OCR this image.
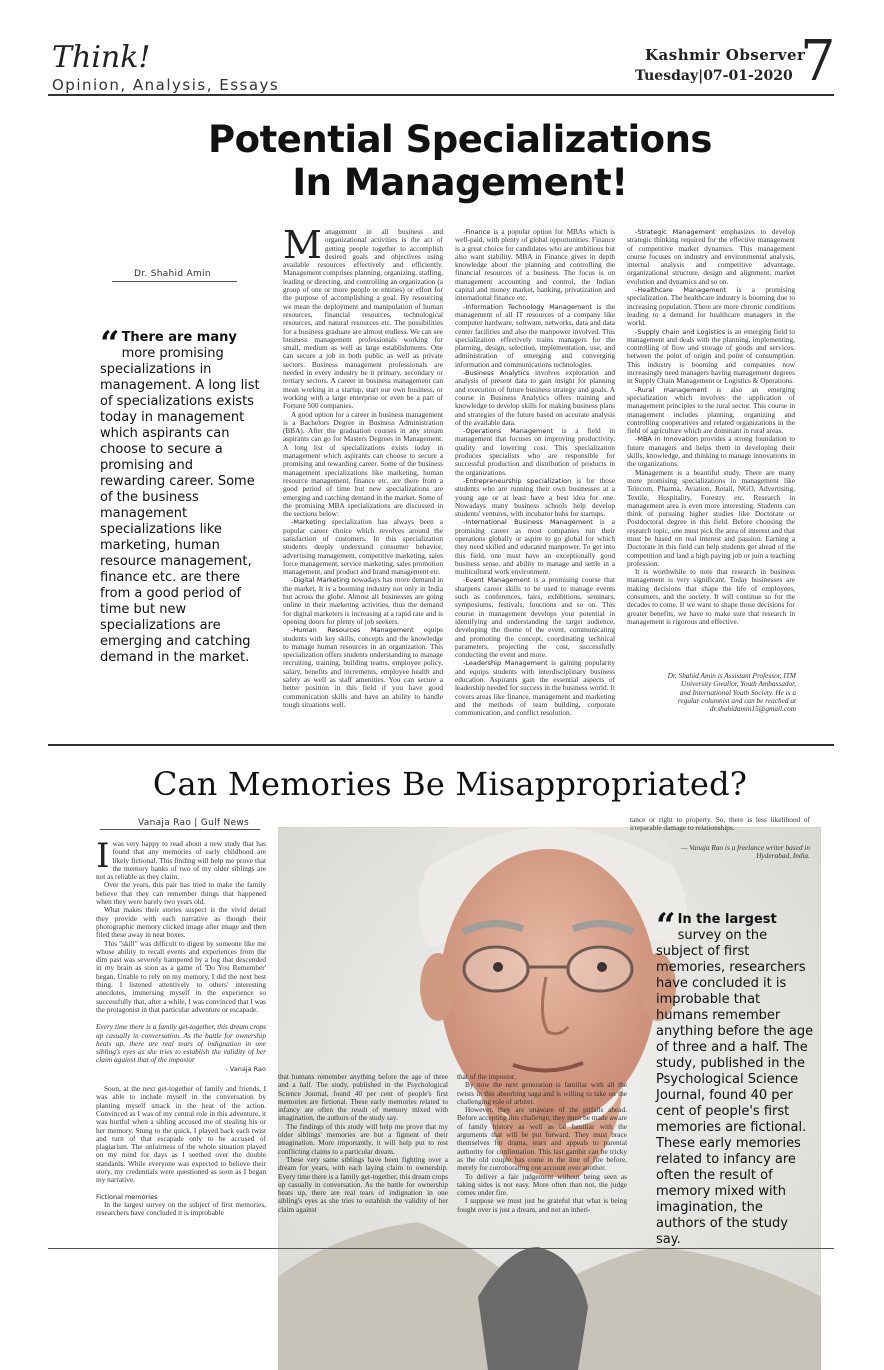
Think!
Opinion, Analysis, Essays
Kashmir Observer
Tuesday|07-01-2020 7
Potential Specializations
In Management!
Dr. Shahid Amin
“ There are many more promising specializations in management. A long list of specializations exists today in management which aspirants can choose to secure a promising and rewarding career. Some of the business management specializations like marketing, human resource management, finance etc. are there from a good period of time but new specializations are emerging and catching demand in the market.
M anagement in all business and organizational activities is the act of getting people together to accomplish desired goals and objectives using available resources effectively and efficiently. Management comprises planning, organizing, staffing, leading or directing, and controlling an organization (a group of one or more people or entities) or effort for the purpose of accomplishing a goal. By resourcing we mean the deployment and manipulation of human resources, financial resources, technological resources, and natural resources etc. The possibilities for a business graduate are almost endless. We can see business management professionals working for small, medium as well as large establishments. One can secure a job in both public as well as private sectors. Business management professionals are needed in every industry be it primary, secondary or tertiary sectors. A career in business management can mean working in a startup, start our own business, or working with a large enterprise or even be a part of Fortune 500 companies.

A good option for a career in business management is a Bachelors Degree in Business Administration (BBA). After the graduation courses in any stream aspirants can go for Masters Degrees in Management. A long list of specializations exists today in management which aspirants can choose to secure a promising and rewarding career. Some of the business management specializations like marketing, human resource management, finance etc. are there from a good period of time but new specializations are emerging and catching demand in the market. Some of the promising MBA specializations are discussed in the sections below:

-Marketing specialization has always been a popular career choice which revolves around the satisfaction of customers. In this specialization students deeply understand consumer behavior, advertising management, competitive marketing, sales force management, service marketing, sales promotion management, and product and brand management etc.

-Digital Marketing nowadays has more demand in the market. It is a booming industry not only in India but across the globe. Almost all businesses are going online in their marketing activities, thus the demand for digital marketers is increasing at a rapid rate and is opening doors for plenty of job seekers.

-Human Resources Management equips students with key skills, concepts and the knowledge to manage human resources in an organization. This specialization offers students understanding to manage recruiting, training, building teams, employee policy, salary, benefits and increments, employee health and safety as well as staff amenities. You can secure a better position in this field if you have good communication skills and have an ability to handle tough situations well.

-Finance is a popular option for MBAs which is well-paid, with plenty of global opportunities. Finance is a great choice for candidates who are ambitious but also want stability. MBA in Finance gives in depth knowledge about the planning and controlling the financial resources of a business. The focus is on management accounting and control, the Indian capital and money market, banking, privatization and international finance etc.

-Information Technology Management is the management of all IT resources of a company like computer hardware, software, networks, data and data center facilities and also the manpower involved. This specialization effectively trains managers for the planning, design, selection, implementation, use, and administration of emerging and converging information and communications technologies.

-Business Analytics involves exploration and analysis of present data to gain insight for planning and execution of future business strategy and goals. A course in Business Analytics offers training and knowledge to develop skills for making business plans and strategies of the future based on accurate analysis of the available data.

-Operations Management is a field in management that focuses on improving productivity, quality and lowering cost. This specialization produces specialists who are responsible for successful production and distribution of products in the organizations.

-Entrepreneurship specialization is for those students who are running their own businesses at a young age or at least have a best idea for one. Nowadays many business schools help develop students' ventures, with incubator hubs for startups.

-International Business Management is a promising career as most companies run their operations globally or aspire to go global for which they need skilled and educated manpower. To get into this field, one must have an exceptionally good business sense, and ability to manage and settle in a multicultural work environment.

-Event Management is a promising course that sharpens career skills to be used to manage events such as conferences, fairs, exhibitions, seminars, symposiums, festivals, functions and so on. This course in management develops your potential in identifying and understanding the target audience, developing the theme of the event, communicating and promoting the concept, coordinating technical parameters, projecting the cost, successfully conducting the event and more.

-Leadership Management is gaining popularity and equips students with interdisciplinary business education. Aspirants gain the essential aspects of leadership needed for success in the business world. It covers areas like finance, management and marketing and the methods of team building, corporate communication, and conflict resolution.

-Strategic Management emphasizes to develop strategic thinking required for the effective management of competitive market dynamics. This management course focuses on industry and environmental analysis, internal analysis and competitive advantage, organizational structure, design and alignment, market evolution and dynamics and so on.

-Healthcare Management is a promising specialization. The healthcare industry is booming due to increasing population. There are more chronic conditions leading to a demand for healthcare managers in the world.

-Supply chain and Logistics is an emerging field to management and deals with the planning, implementing, controlling of flow and storage of goods and services, between the point of origin and point of consumption. This industry is booming and companies now increasingly need managers having management degrees in Supply Chain Management or Logistics & Operations.

-Rural management is also an emerging specialization which involves the application of management principles to the rural sector. This course in management includes planning, organizing and controlling cooperatives and related organizations in the field of agriculture which are dominant in rural areas.

-MBA in Innovation provides a strong foundation to future managers and helps them in developing their skills, knowledge, and thinking to manage innovations in the organizations.

Management is a beautiful study. There are many more promising specializations in management like Telecom, Pharma, Aviation, Retail, NGO, Advertising, Textile, Hospitality, Forestry etc. Research in management area is even more interesting. Students can think of pursuing higher studies like Doctorate or Postdoctoral degree in this field. Before choosing the research topic, one must pick the area of interest and that must be based on real interest and passion. Earning a Doctorate in this field can help students get ahead of the competition and land a high paying job or join a teaching profession.

It is worthwhile to note that research in business management is very significant. Today businesses are making decisions that shape the life of employees, consumers, and the society. It will continue so for the decades to come. If we want to shape those decisions for greater benefits, we have to make sure that research in management is rigorous and effective.

Dr. Shahid Amin is Assistant Professor, ITM
University Gwalior, Youth Ambassador,
and International Youth Society. He is a
regular columnist and can be reached at
dr.shahidamin15@gmail.com
Can Memories Be Misappropriated?
Vanaja Rao | Gulf News
I was very happy to read about a new study that has found that any memories of early childhood are likely fictional. This finding will help me prove that the memory banks of two of my older siblings are not as reliable as they claim.

Over the years, this pair has tried to make the family believe that they can remember things that happened when they were barely two years old.

What makes their stories suspect is the vivid detail they provide with each narrative as though their photographic memory clicked image after image and then filed these away in neat boxes.

This "skill" was difficult to digest by someone like me whose ability to recall events and experiences from the dim past was severely hampered by a fog that descended in my brain as soon as a game of 'Do You Remember' began. Unable to rely on my memory, I did the next best thing. I listened attentively to others' interesting anecdotes, immersing myself in the experience so successfully that, after a while, I was convinced that I was the protagonist in that particular adventure or escapade.

Every time there is a family get-together, this dream crops up casually in conversation. As the battle for ownership heats up, there are real tears of indignation in one sibling's eyes as she tries to establish the validity of her claim against that of the impostor

- Vanaja Rao

Soon, at the next get-together of family and friends, I was able to include myself in the conversation by planting myself smack in the heat of the action. Convinced as I was of my central role in this adventure, it was hurtful when a sibling accused me of stealing his or her memory. Stung to the quick, I played back each twist and turn of that escapade only to be accused of plagiarism. The unfairness of the whole situation played on my mind for days as I seethed over the double standards. While everyone was expected to believe their story, my credentials were questioned as soon as I began my narrative.

Fictional memories

In the largest survey on the subject of first memories, researchers have concluded it is improbable

that humans remember anything before the age of three and a half. The study, published in the Psychological Science Journal, found 40 per cent of people's first memories are fictional. These early memories related to infancy are often the result of memory mixed with imagination, the authors of the study say.

The findings of this study will help me prove that my older siblings' memories are but a figment of their imagination. More importantly, it will help put to rest conflicting claims to a particular dream.

These very same siblings have been fighting over a dream for years, with each laying claim to ownership. Every time there is a family get-together, this dream crops up casually in conversation. As the battle for ownership heats up, there are real tears of indignation in one sibling's eyes as she tries to establish the validity of her claim against

that of the impostor.

By now the next generation is familiar with all the twists in this absorbing saga and is willing to take on the challenging role of arbiter.

However, they are unaware of the pitfalls ahead. Before accepting this challenge, they must be made aware of family history as well as be familiar with the arguments that will be put forward. They must brace themselves for drama, tears and appeals to parental authority for confirmation. This last gambit can be tricky as the old couple has come in the line of fire before, merely for corroborating one account over another.

To deliver a fair judgement without being seen as taking sides is not easy. More often than not, the judge comes under fire.

I suppose we must just be grateful that what is being fought over is just a dream, and not an inheri-

tance or right to property. So, there is less likelihood of irreparable damage to relationships.

— Vanaja Rao is a freelance writer based in
Hyderabad, India.
“ In the largest survey on the subject of first memories, researchers have concluded it is improbable that humans remember anything before the age of three and a half. The study, published in the Psychological Science Journal, found 40 per cent of people's first memories are fictional. These early memories related to infancy are often the result of memory mixed with imagination, the authors of the study say.
